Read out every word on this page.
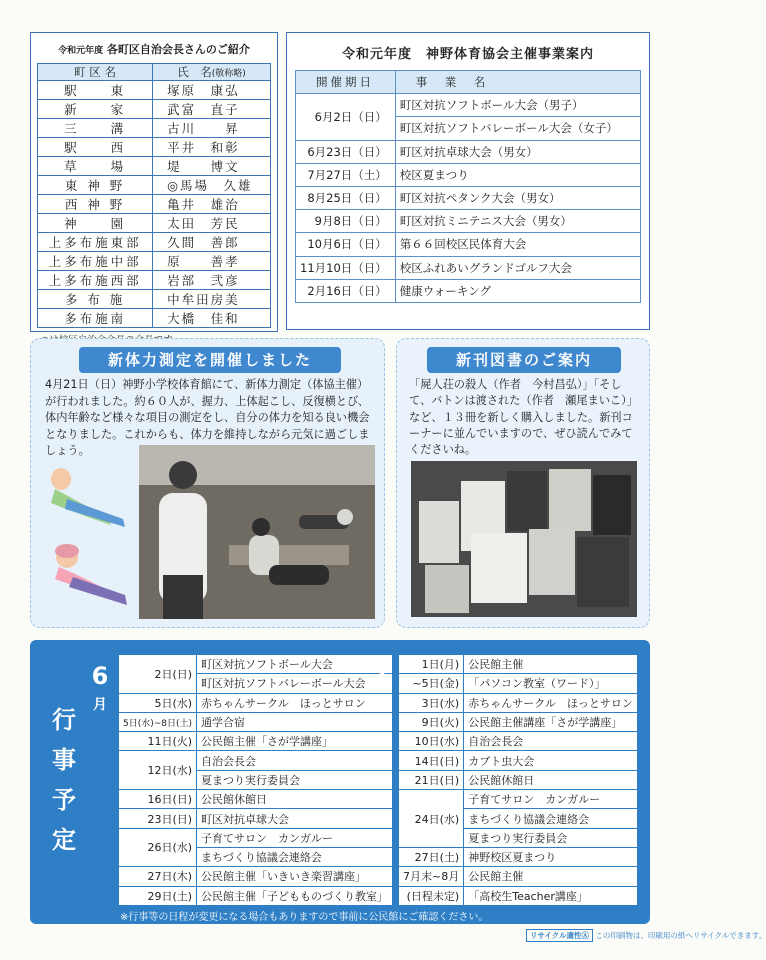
令和元年度 各町区自治会長さんのご紹介
町 区 名	氏　名(敬称略)
駅　　東	塚原　康弘
新　　家	武富　直子
三　　溝	古川　　昇
駅　　西	平井　和彰
草　　場	堤　　博文
東 神 野	◎馬場　久雄
西 神 野	亀井　雄治
神　　園	太田　芳民
上多布施東部	久間　善郎
上多布施中部	原　　善孝
上多布施西部	岩部　弐彦
多 布 施	中牟田房美
多布施南	大橋　佳和
令和元年度　神野体育協会主催事業案内
開催期日	事　業　名
6月2日（日）	町区対抗ソフトボール大会（男子）
	町区対抗ソフトバレーボール大会（女子）
6月23日（日）	町区対抗卓球大会（男女）
7月27日（土）	校区夏まつり
8月25日（日）	町区対抗ペタンク大会（男女）
9月8日（日）	町区対抗ミニテニス大会（男女）
10月6日（日）	第６６回校区民体育大会
11月10日（日）	校区ふれあいグランドゴルフ大会
2月16日（日）	健康ウォーキング
新体力測定を開催しました
4月21日（日）神野小学校体育館にて、新体力測定（体協主催）が行われました。約６０人が、握力、上体起こし、反復横とび、体内年齢など様々な項目の測定をし、自分の体力を知る良い機会となりました。これからも、体力を維持しながら元気に過ごしましょう。
新刊図書のご案内
「屍人荘の殺人（作者　今村昌弘）」「そして、バトンは渡された（作者　瀬尾まいこ）」など、１３冊を新しく購入しました。新刊コーナーに並んでいますので、ぜひ読んでみてくださいね。
行
事
予
定
6
月
2日(日)	町区対抗ソフトボール大会
	町区対抗ソフトバレーボール大会
5日(水)	赤ちゃんサークル　ほっとサロン
5日(水)~8日(土)	通学合宿
11日(火)	公民館主催「さが学講座」
12日(水)	自治会長会
	夏まつり実行委員会
16日(日)	公民館休館日
23日(日)	町区対抗卓球大会
26日(水)	子育てサロン　カンガルー
	まちづくり協議会連絡会
27日(木)	公民館主催「いきいき楽習講座」
29日(土)	公民館主催「子どもものづくり教室」
7
月
1日(月)	公民館主催
~5日(金)	「パソコン教室（ワード）」
3日(水)	赤ちゃんサークル　ほっとサロン
9日(火)	公民館主催講座「さが学講座」
10日(水)	自治会長会
14日(日)	カブト虫大会
21日(日)	公民館休館日
24日(水)	子育てサロン　カンガルー
	まちづくり協議会連絡会
	夏まつり実行委員会
27日(土)	神野校区夏まつり
7月末~8月	公民館主催
(日程未定)	「高校生Teacher講座」
※行事等の日程が変更になる場合もありますので事前に公民館にご確認ください。
リサイクル適性Ⓐ この印刷物は、印刷用の紙へリサイクルできます。
